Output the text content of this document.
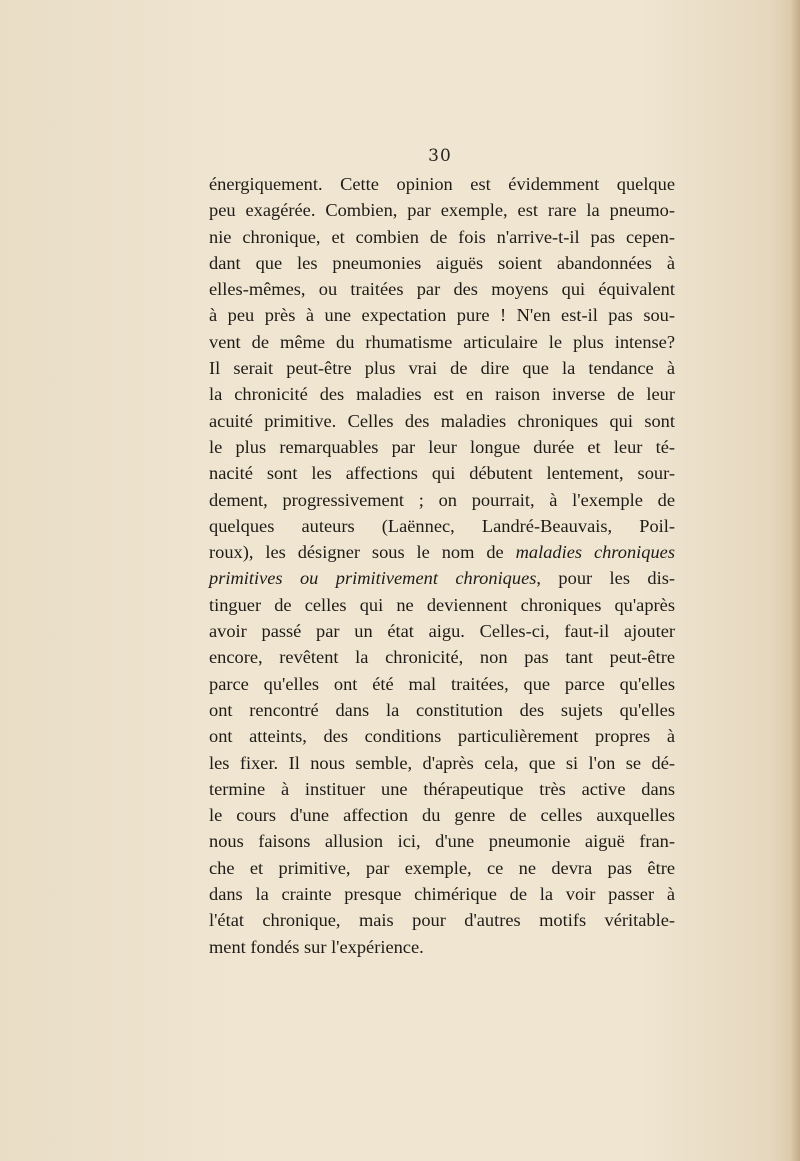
30
énergiquement. Cette opinion est évidemment quelque
peu exagérée. Combien, par exemple, est rare la pneumo-
nie chronique, et combien de fois n'arrive-t-il pas cepen-
dant que les pneumonies aiguës soient abandonnées à
elles-mêmes, ou traitées par des moyens qui équivalent
à peu près à une expectation pure ! N'en est-il pas sou-
vent de même du rhumatisme articulaire le plus intense?
Il serait peut-être plus vrai de dire que la tendance à
la chronicité des maladies est en raison inverse de leur
acuité primitive. Celles des maladies chroniques qui sont
le plus remarquables par leur longue durée et leur té-
nacité sont les affections qui débutent lentement, sour-
dement, progressivement ; on pourrait, à l'exemple de
quelques auteurs (Laënnec, Landré-Beauvais, Poil-
roux), les désigner sous le nom de maladies chroniques
primitives ou primitivement chroniques, pour les dis-
tinguer de celles qui ne deviennent chroniques qu'après
avoir passé par un état aigu. Celles-ci, faut-il ajouter
encore, revêtent la chronicité, non pas tant peut-être
parce qu'elles ont été mal traitées, que parce qu'elles
ont rencontré dans la constitution des sujets qu'elles
ont atteints, des conditions particulièrement propres à
les fixer. Il nous semble, d'après cela, que si l'on se dé-
termine à instituer une thérapeutique très active dans
le cours d'une affection du genre de celles auxquelles
nous faisons allusion ici, d'une pneumonie aiguë fran-
che et primitive, par exemple, ce ne devra pas être
dans la crainte presque chimérique de la voir passer à
l'état chronique, mais pour d'autres motifs véritable-
ment fondés sur l'expérience.
